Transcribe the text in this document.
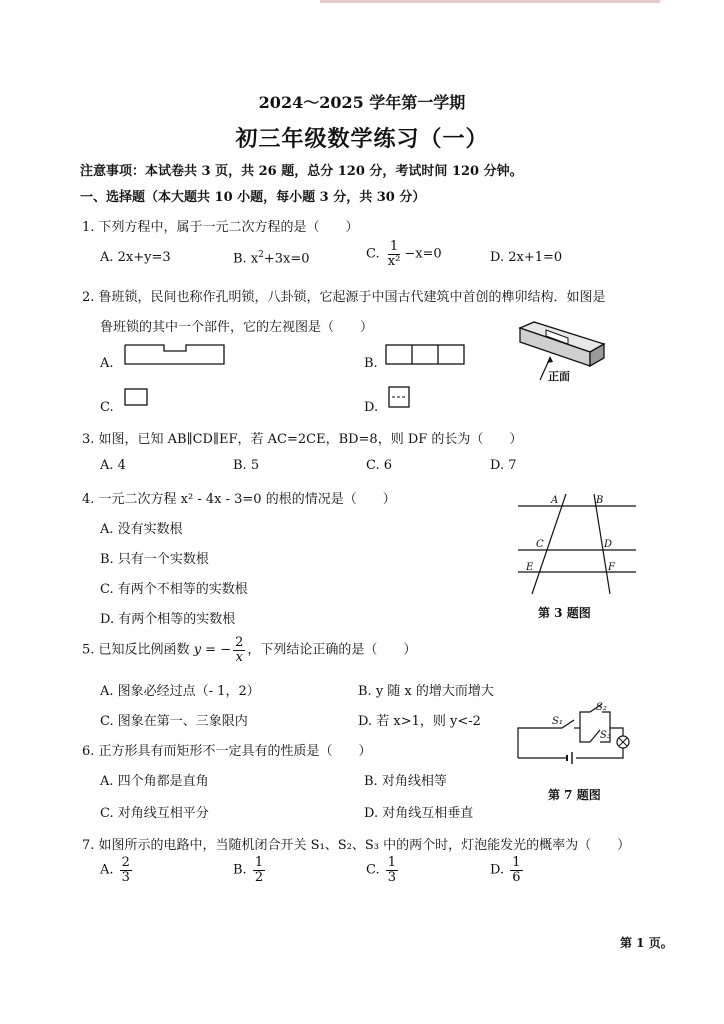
2024～2025 学年第一学期
初三年级数学练习（一）
注意事项：本试卷共 3 页，共 26 题，总分 120 分，考试时间 120 分钟。
一、选择题（本大题共 10 小题，每小题 3 分，共 30 分）
1. 下列方程中，属于一元二次方程的是（　　）
A. 2x+y=3	B. $x^2+3x=0$	C. $\frac{1}{\text{x²}} -x=0$	D. 2x+1=0
2. 鲁班锁，民间也称作孔明锁，八卦锁，它起源于中国古代建筑中首创的榫卯结构．如图是
鲁班锁的其中一个部件，它的左视图是（　　）
A.	B.
C.	D.
正面
3. 如图，已知 AB∥CD∥EF，若 AC=2CE，BD=8，则 DF 的长为（　　）
A. 4	B. 5	C. 6	D. 7
A	B
C	D
E	F
第 3 题图
4. 一元二次方程 x² - 4x - 3=0 的根的情况是（　　）
A. 没有实数根
B. 只有一个实数根
C. 有两个不相等的实数根
D. 有两个相等的实数根
5. 已知反比例函数 y = − $\frac{2}{x}$ ，下列结论正确的是（　　）
A. 图象必经过点（- 1，2）	B. y 随 x 的增大而增大
C. 图象在第一、三象限内	D. 若 x>1，则 y<-2	S₁
S₂
S₃
第 7 题图
6. 正方形具有而矩形不一定具有的性质是（　　）
A. 四个角都是直角	B. 对角线相等
C. 对角线互相平分	D. 对角线互相垂直
7. 如图所示的电路中，当随机闭合开关 S₁、S₂、S₃ 中的两个时，灯泡能发光的概率为（　　）
A. $\frac{2}{3}$	B. $\frac{1}{2}$	C. $\frac{1}{3}$	D. $\frac{1}{6}$
第 1 页。
